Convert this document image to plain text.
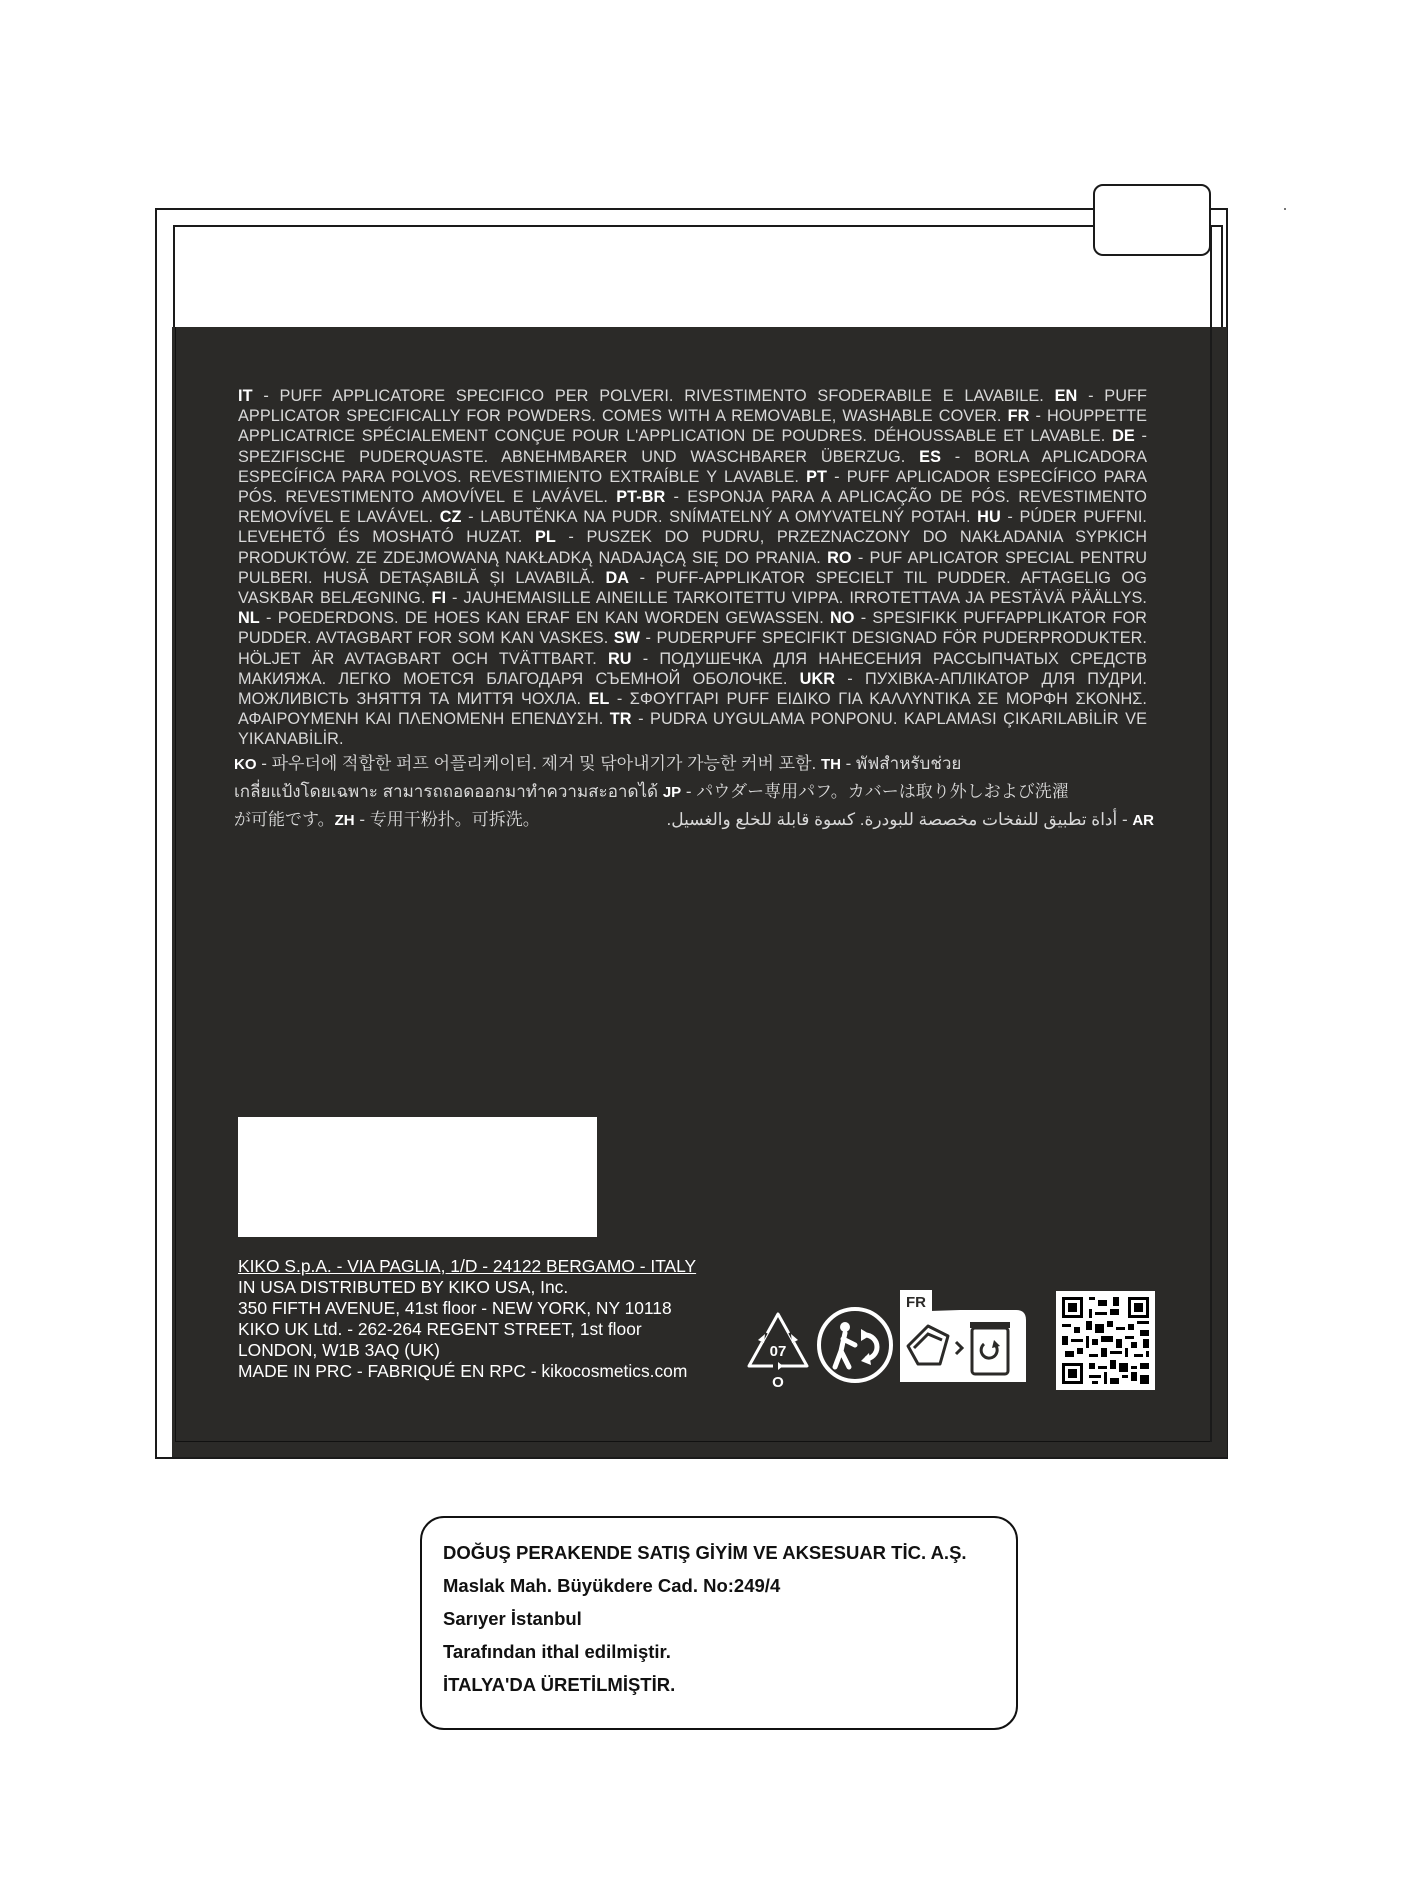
IT - PUFF APPLICATORE SPECIFICO PER POLVERI. RIVESTIMENTO SFODERABILE E LAVABILE. EN - PUFF APPLICATOR SPECIFICALLY FOR POWDERS. COMES WITH A REMOVABLE, WASHABLE COVER. FR - HOUPPETTE APPLICATRICE SPÉCIALEMENT CONÇUE POUR L'APPLICATION DE POUDRES. DÉHOUSSABLE ET LAVABLE. DE - SPEZIFISCHE PUDERQUASTE. ABNEHMBARER UND WASCHBARER ÜBERZUG. ES - BORLA APLICADORA ESPECÍFICA PARA POLVOS. REVESTIMIENTO EXTRAÍBLE Y LAVABLE. PT - PUFF APLICADOR ESPECÍFICO PARA PÓS. REVESTIMENTO AMOVÍVEL E LAVÁVEL. PT-BR - ESPONJA PARA A APLICAÇÃO DE PÓS. REVESTIMENTO REMOVÍVEL E LAVÁVEL. CZ - LABUTĚNKA NA PUDR. SNÍMATELNÝ A OMYVATELNÝ POTAH. HU - PÚDER PUFFNI. LEVEHETŐ ÉS MOSHATÓ HUZAT. PL - PUSZEK DO PUDRU, PRZEZNACZONY DO NAKŁADANIA SYPKICH PRODUKTÓW. ZE ZDEJMOWANĄ NAKŁADKĄ NADAJĄCĄ SIĘ DO PRANIA. RO - PUF APLICATOR SPECIAL PENTRU PULBERI. HUSĂ DETAȘABILĂ ȘI LAVABILĂ. DA - PUFF-APPLIKATOR SPECIELT TIL PUDDER. AFTAGELIG OG VASKBAR BELÆGNING. FI - JAUHEMAISILLE AINEILLE TARKOITETTU VIPPA. IRROTETTAVA JA PESTÄVÄ PÄÄLLYS. NL - POEDERDONS. DE HOES KAN ERAF EN KAN WORDEN GEWASSEN. NO - SPESIFIKK PUFFAPPLIKATOR FOR PUDDER. AVTAGBART FOR SOM KAN VASKES. SW - PUDERPUFF SPECIFIKT DESIGNAD FÖR PUDERPRODUKTER. HÖLJET ÄR AVTAGBART OCH TVÄTTBART. RU - ПОДУШЕЧКА ДЛЯ НАНЕСЕНИЯ РАССЫПЧАТЫХ СРЕДСТВ МАКИЯЖА. ЛЕГКО МОЕТСЯ БЛАГОДАРЯ СЪЕМНОЙ ОБОЛОЧКЕ. UKR - ПУХІВКА-АПЛІКАТОР ДЛЯ ПУДРИ. МОЖЛИВІСТЬ ЗНЯТТЯ ТА МИТТЯ ЧОХЛА. EL - ΣΦΟΥΓΓΑΡΙ PUFF ΕΙΔΙΚΟ ΓΙΑ ΚΑΛΛΥΝΤΙΚΑ ΣΕ ΜΟΡΦΗ ΣΚΟΝΗΣ. ΑΦΑΙΡΟΥΜΕΝΗ ΚΑΙ ΠΛΕΝΟΜΕΝΗ ΕΠΕΝΔΥΣΗ. TR - PUDRA UYGULAMA PONPONU. KAPLAMASI ÇIKARILABİLİR VE YIKANABİLİR.

KO - 파우더에 적합한 퍼프 어플리케이터. 제거 및 닦아내기가 가능한 커버 포함. TH - พัฟสำหรับช่วย
เกลี่ยแป้งโดยเฉพาะ สามารถถอดออกมาทำความสะอาดได้ JP - パウダー専用パフ。カバーは取り外しおよび洗濯
が可能です。ZH - 专用干粉扑。可拆洗。	AR - أداة تطبيق للنفخات مخصصة للبودرة. كسوة قابلة للخلع والغسيل.
KIKO S.p.A. - VIA PAGLIA, 1/D - 24122 BERGAMO - ITALY
IN USA DISTRIBUTED BY KIKO USA, Inc.
350 FIFTH AVENUE, 41st floor - NEW YORK, NY 10118
KIKO UK Ltd. - 262-264 REGENT STREET, 1st floor
LONDON, W1B 3AQ (UK)
MADE IN PRC - FABRIQUÉ EN RPC - kikocosmetics.com
07
O
FR
DOĞUŞ PERAKENDE SATIŞ GİYİM VE AKSESUAR TİC. A.Ş.
Maslak Mah. Büyükdere Cad. No:249/4
Sarıyer İstanbul
Tarafından ithal edilmiştir.
İTALYA'DA ÜRETİLMİŞTİR.
